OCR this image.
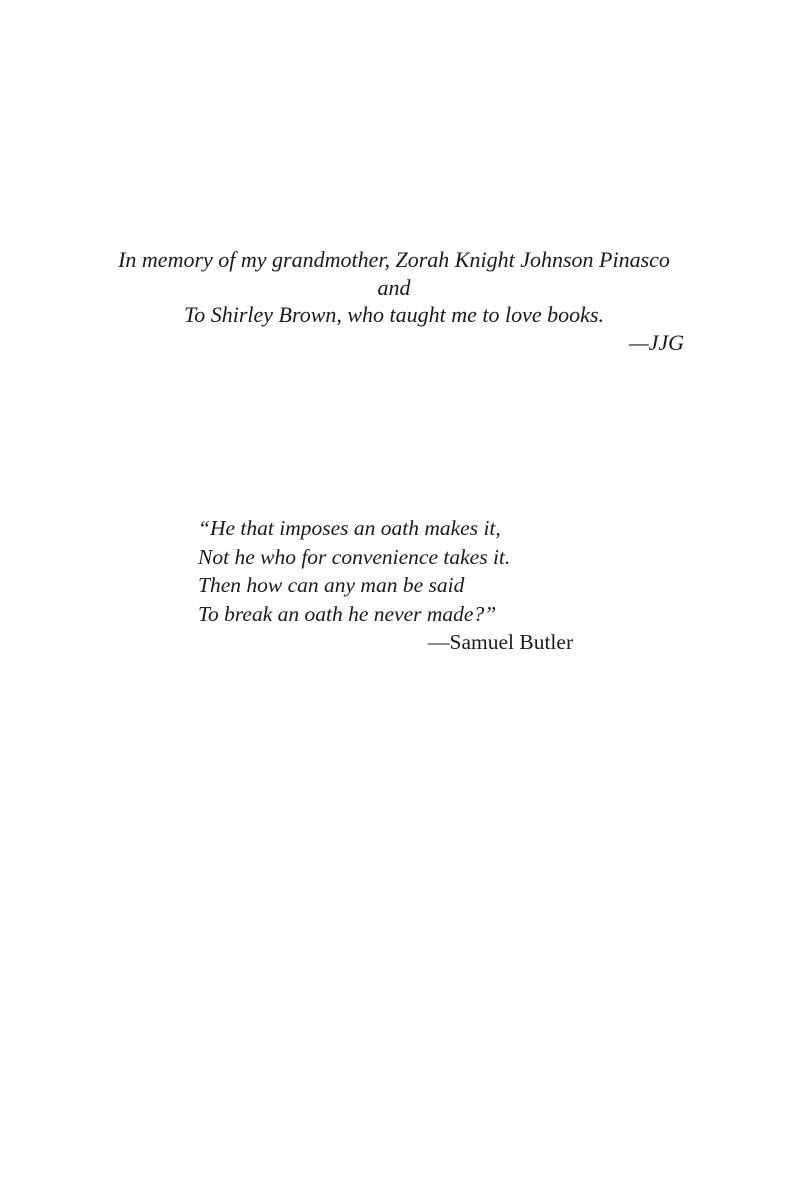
In memory of my grandmother, Zorah Knight Johnson Pinasco
and
To Shirley Brown, who taught me to love books.
—JJG
“He that imposes an oath makes it,
Not he who for convenience takes it.
Then how can any man be said
To break an oath he never made?”
—Samuel Butler
